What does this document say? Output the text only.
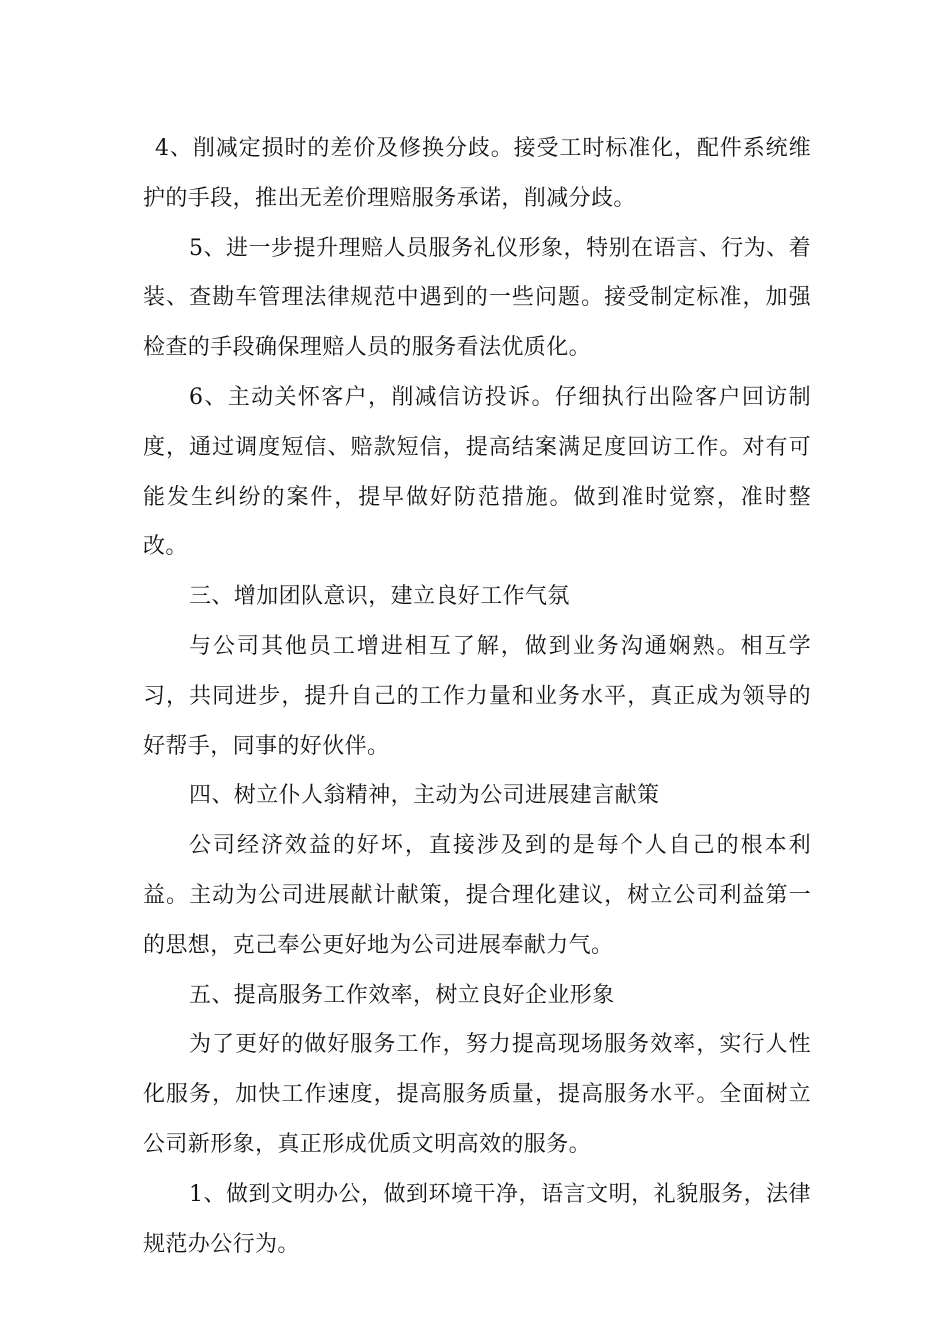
4、削减定损时的差价及修换分歧。接受工时标准化，配件系统维护的手段，推出无差价理赔服务承诺，削减分歧。

5、进一步提升理赔人员服务礼仪形象，特别在语言、行为、着装、查勘车管理法律规范中遇到的一些问题。接受制定标准，加强检查的手段确保理赔人员的服务看法优质化。

6、主动关怀客户，削减信访投诉。仔细执行出险客户回访制度，通过调度短信、赔款短信，提高结案满足度回访工作。对有可能发生纠纷的案件，提早做好防范措施。做到准时觉察，准时整改。

三、增加团队意识，建立良好工作气氛

与公司其他员工增进相互了解，做到业务沟通娴熟。相互学习，共同进步，提升自己的工作力量和业务水平，真正成为领导的好帮手，同事的好伙伴。

四、树立仆人翁精神，主动为公司进展建言献策

公司经济效益的好坏，直接涉及到的是每个人自己的根本利益。主动为公司进展献计献策，提合理化建议，树立公司利益第一的思想，克己奉公更好地为公司进展奉献力气。

五、提高服务工作效率，树立良好企业形象

为了更好的做好服务工作，努力提高现场服务效率，实行人性化服务，加快工作速度，提高服务质量，提高服务水平。全面树立公司新形象，真正形成优质文明高效的服务。

1、做到文明办公，做到环境干净，语言文明，礼貌服务，法律规范办公行为。
